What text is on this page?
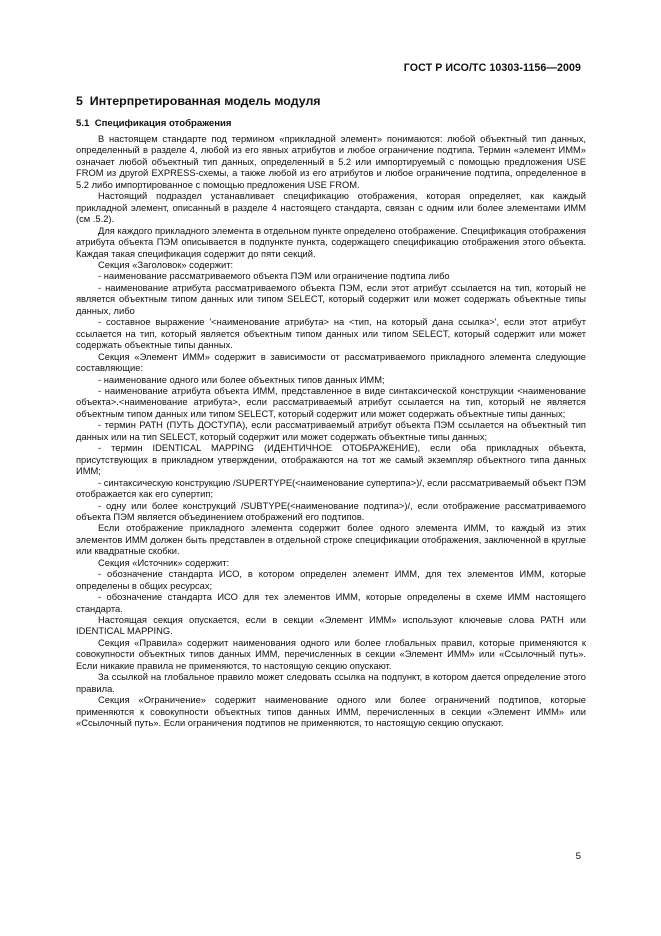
ГОСТ Р ИСО/ТС 10303-1156—2009
5 Интерпретированная модель модуля
5.1 Спецификация отображения

В настоящем стандарте под термином «прикладной элемент» понимаются: любой объектный тип данных, определенный в разделе 4, любой из его явных атрибутов и любое ограничение подтипа. Термин «элемент ИММ» означает любой объектный тип данных, определенный в 5.2 или импортируемый с помощью предложения USE FROM из другой EXPRESS-схемы, а также любой из его атрибутов и любое ограничение подтипа, определенное в 5.2 либо импортированное с помощью предложения USE FROM.

Настоящий подраздел устанавливает спецификацию отображения, которая определяет, как каждый прикладной элемент, описанный в разделе 4 настоящего стандарта, связан с одним или более элементами ИММ (см .5.2).

Для каждого прикладного элемента в отдельном пункте определено отображение. Спецификация отображения атрибута объекта ПЭМ описывается в подпункте пункта, содержащего спецификацию отображения этого объекта. Каждая такая спецификация содержит до пяти секций.

Секция «Заголовок» содержит:

- наименование рассматриваемого объекта ПЭМ или ограничение подтипа либо

- наименование атрибута рассматриваемого объекта ПЭМ, если этот атрибут ссылается на тип, который не является объектным типом данных или типом SELECT, который содержит или может содержать объектные типы данных, либо

- составное выражение '<наименование атрибута> на <тип, на который дана ссылка>', если этот атрибут ссылается на тип, который является объектным типом данных или типом SELECT, который содержит или может содержать объектные типы данных.

Секция «Элемент ИММ» содержит в зависимости от рассматриваемого прикладного элемента следующие составляющие:

- наименование одного или более объектных типов данных ИММ;

- наименование атрибута объекта ИММ, представленное в виде синтаксической конструкции <наименование объекта>.<наименование атрибута>, если рассматриваемый атрибут ссылается на тип, который не является объектным типом данных или типом SELECT, который содержит или может содержать объектные типы данных;

- термин PATH (ПУТЬ ДОСТУПА), если рассматриваемый атрибут объекта ПЭМ ссылается на объектный тип данных или на тип SELECT, который содержит или может содержать объектные типы данных;

- термин IDENTICAL MAPPING (ИДЕНТИЧНОЕ ОТОБРАЖЕНИЕ), если оба прикладных объекта, присутствующих в прикладном утверждении, отображаются на тот же самый экземпляр объектного типа данных ИММ;

- синтаксическую конструкцию /SUPERTYPE(<наименование супертипа>)/, если рассматриваемый объект ПЭМ отображается как его супертип;

- одну или более конструкций /SUBTYPE(<наименование подтипа>)/, если отображение рассматриваемого объекта ПЭМ является объединением отображений его подтипов.

Если отображение прикладного элемента содержит более одного элемента ИММ, то каждый из этих элементов ИММ должен быть представлен в отдельной строке спецификации отображения, заключенной в круглые или квадратные скобки.

Секция «Источник» содержит:

- обозначение стандарта ИСО, в котором определен элемент ИММ, для тех элементов ИММ, которые определены в общих ресурсах;

- обозначение стандарта ИСО для тех элементов ИММ, которые определены в схеме ИММ настоящего стандарта.

Настоящая секция опускается, если в секции «Элемент ИММ» используют ключевые слова PATH или IDENTICAL MAPPING.

Секция «Правила» содержит наименования одного или более глобальных правил, которые применяются к совокупности объектных типов данных ИММ, перечисленных в секции «Элемент ИММ» или «Ссылочный путь». Если никакие правила не применяются, то настоящую секцию опускают.

За ссылкой на глобальное правило может следовать ссылка на подпункт, в котором дается определение этого правила.

Секция «Ограничение» содержит наименование одного или более ограничений подтипов, которые применяются к совокупности объектных типов данных ИММ, перечисленных в секции «Элемент ИММ» или «Ссылочный путь». Если ограничения подтипов не применяются, то настоящую секцию опускают.

5
